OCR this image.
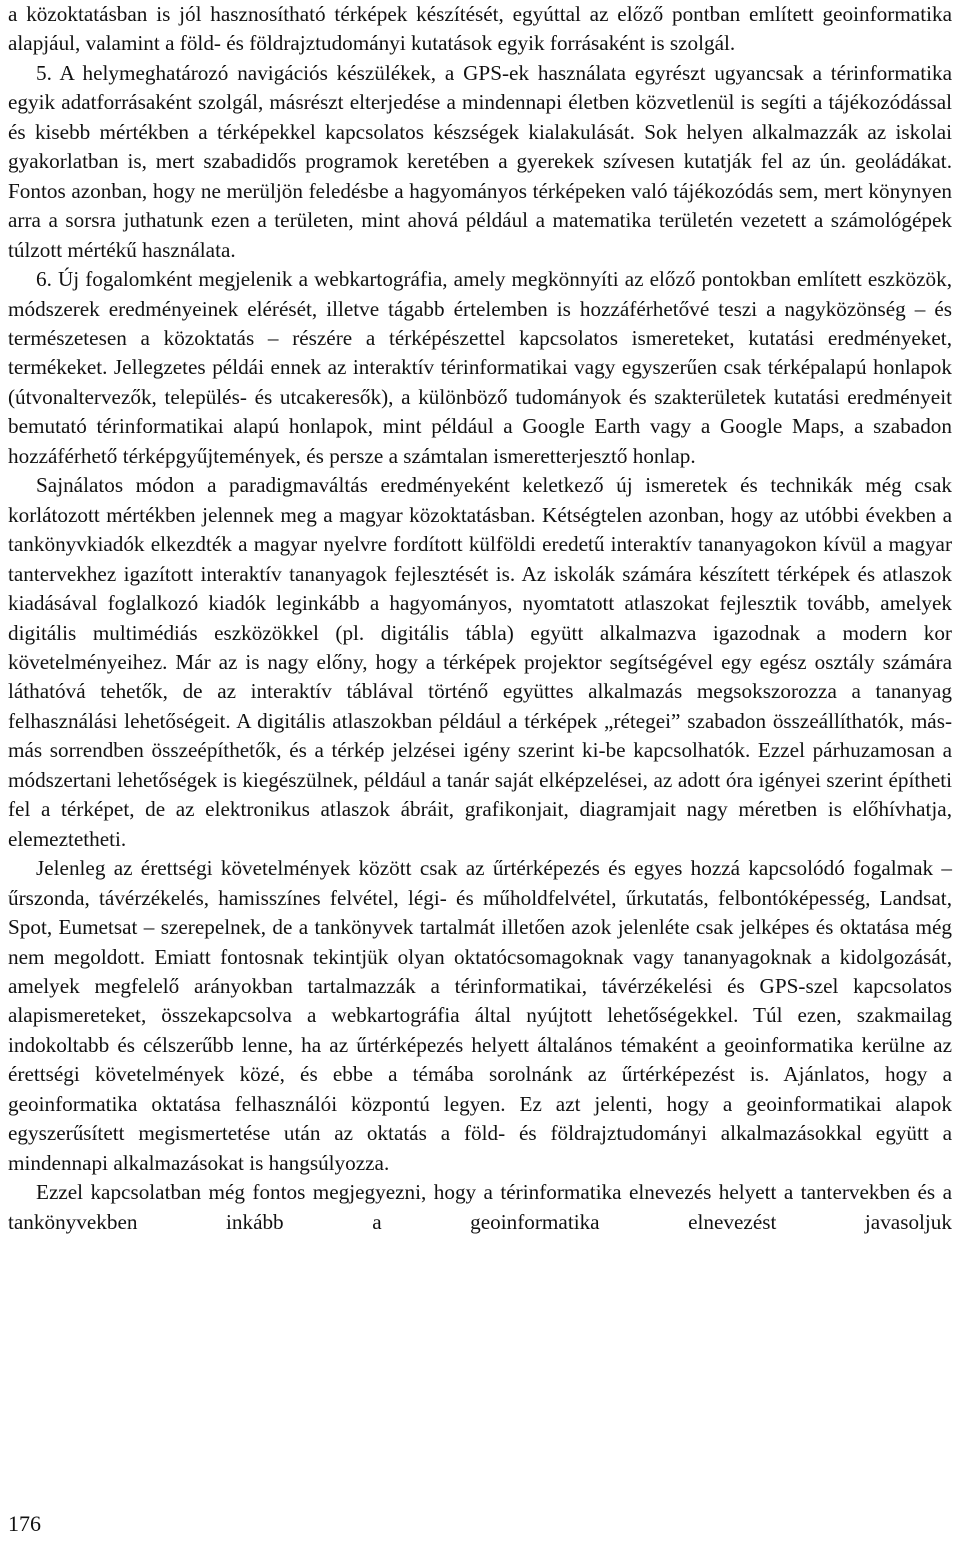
a közoktatásban is jól hasznosítható térképek készítését, egyúttal az előző pontban említett geoinformatika alapjául, valamint a föld- és földrajztudományi kutatások egyik forrásaként is szolgál.

5. A helymeghatározó navigációs készülékek, a GPS-ek használata egyrészt ugyancsak a térinformatika egyik adatforrásaként szolgál, másrészt elterjedése a mindennapi életben közvetlenül is segíti a tájékozódással és kisebb mértékben a térképekkel kapcsolatos készségek kialakulását. Sok helyen alkalmazzák az iskolai gyakorlatban is, mert szabadidős programok keretében a gyerekek szívesen kutatják fel az ún. geoládákat. Fontos azonban, hogy ne merüljön feledésbe a hagyományos térképeken való tájékozódás sem, mert könynyen arra a sorsra juthatunk ezen a területen, mint ahová például a matematika területén vezetett a számológépek túlzott mértékű használata.

6. Új fogalomként megjelenik a webkartográfia, amely megkönnyíti az előző pontokban említett eszközök, módszerek eredményeinek elérését, illetve tágabb értelemben is hozzáférhetővé teszi a nagyközönség – és természetesen a közoktatás – részére a térképészettel kapcsolatos ismereteket, kutatási eredményeket, termékeket. Jellegzetes példái ennek az interaktív térinformatikai vagy egyszerűen csak térképalapú honlapok (útvonaltervezők, település- és utcakeresők), a különböző tudományok és szakterületek kutatási eredményeit bemutató térinformatikai alapú honlapok, mint például a Google Earth vagy a Google Maps, a szabadon hozzáférhető térképgyűjtemények, és persze a számtalan ismeretterjesztő honlap.

Sajnálatos módon a paradigmaváltás eredményeként keletkező új ismeretek és technikák még csak korlátozott mértékben jelennek meg a magyar közoktatásban. Kétségtelen azonban, hogy az utóbbi években a tankönyvkiadók elkezdték a magyar nyelvre fordított külföldi eredetű interaktív tananyagokon kívül a magyar tantervekhez igazított interaktív tananyagok fejlesztését is. Az iskolák számára készített térképek és atlaszok kiadásával foglalkozó kiadók leginkább a hagyományos, nyomtatott atlaszokat fejlesztik tovább, amelyek digitális multimédiás eszközökkel (pl. digitális tábla) együtt alkalmazva igazodnak a modern kor követelményeihez. Már az is nagy előny, hogy a térképek projektor segítségével egy egész osztály számára láthatóvá tehetők, de az interaktív táblával történő együttes alkalmazás megsokszorozza a tananyag felhasználási lehetőségeit. A digitális atlaszokban például a térképek „rétegei” szabadon összeállíthatók, más-más sorrendben összeépíthetők, és a térkép jelzései igény szerint ki-be kapcsolhatók. Ezzel párhuzamosan a módszertani lehetőségek is kiegészülnek, például a tanár saját elképzelései, az adott óra igényei szerint építheti fel a térképet, de az elektronikus atlaszok ábráit, grafikonjait, diagramjait nagy méretben is előhívhatja, elemeztetheti.

Jelenleg az érettségi követelmények között csak az űrtérképezés és egyes hozzá kapcsolódó fogalmak – űrszonda, távérzékelés, hamisszínes felvétel, légi- és műholdfelvétel, űrkutatás, felbontóképesség, Landsat, Spot, Eumetsat – szerepelnek, de a tankönyvek tartalmát illetően azok jelenléte csak jelképes és oktatása még nem megoldott. Emiatt fontosnak tekintjük olyan oktatócsomagoknak vagy tananyagoknak a kidolgozását, amelyek megfelelő arányokban tartalmazzák a térinformatikai, távérzékelési és GPS-szel kapcsolatos alapismereteket, összekapcsolva a webkartográfia által nyújtott lehetőségekkel. Túl ezen, szakmailag indokoltabb és célszerűbb lenne, ha az űrtérképezés helyett általános témaként a geoinformatika kerülne az érettségi követelmények közé, és ebbe a témába sorolnánk az űrtérképezést is. Ajánlatos, hogy a geoinformatika oktatása felhasználói központú legyen. Ez azt jelenti, hogy a geoinformatikai alapok egyszerűsített megismertetése után az oktatás a föld- és földrajztudományi alkalmazásokkal együtt a mindennapi alkalmazásokat is hangsúlyozza.

Ezzel kapcsolatban még fontos megjegyezni, hogy a térinformatika elnevezés helyett a tantervekben és a tankönyvekben inkább a geoinformatika elnevezést javasoljuk

176
